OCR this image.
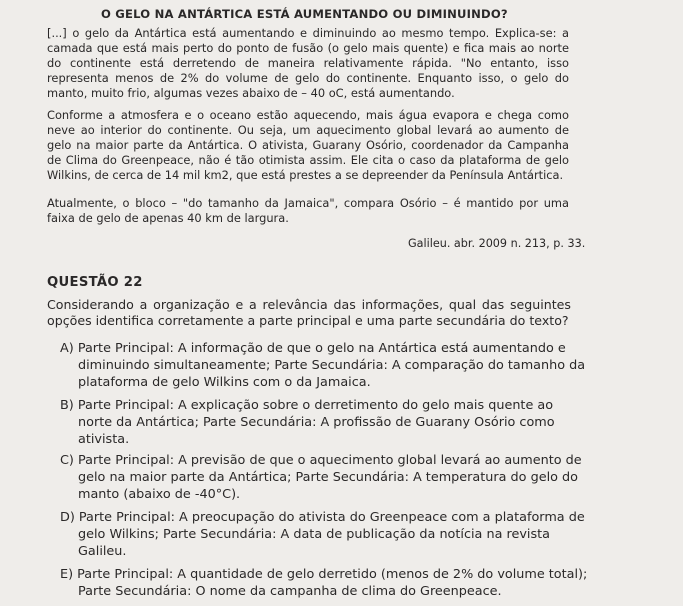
O GELO NA ANTÁRTICA ESTÁ AUMENTANDO OU DIMINUINDO?
[...] o gelo da Antártica está aumentando e diminuindo ao mesmo tempo. Explica-se: a camada que está mais perto do ponto de fusão (o gelo mais quente) e fica mais ao norte do continente está derretendo de maneira relativamente rápida. "No entanto, isso representa menos de 2% do volume de gelo do continente. Enquanto isso, o gelo do manto, muito frio, algumas vezes abaixo de – 40 oC, está aumentando.
Conforme a atmosfera e o oceano estão aquecendo, mais água evapora e chega como neve ao interior do continente. Ou seja, um aquecimento global levará ao aumento de gelo na maior parte da Antártica. O ativista, Guarany Osório, coordenador da Campanha de Clima do Greenpeace, não é tão otimista assim. Ele cita o caso da plataforma de gelo Wilkins, de cerca de 14 mil km2, que está prestes a se depreender da Península Antártica.
Atualmente, o bloco – "do tamanho da Jamaica", compara Osório – é mantido por uma faixa de gelo de apenas 40 km de largura.
Galileu. abr. 2009 n. 213, p. 33.
QUESTÃO 22
Considerando a organização e a relevância das informações, qual das seguintes opções identifica corretamente a parte principal e uma parte secundária do texto?
A) Parte Principal: A informação de que o gelo na Antártica está aumentando e diminuindo simultaneamente; Parte Secundária: A comparação do tamanho da plataforma de gelo Wilkins com o da Jamaica.
B) Parte Principal: A explicação sobre o derretimento do gelo mais quente ao norte da Antártica; Parte Secundária: A profissão de Guarany Osório como ativista.
C) Parte Principal: A previsão de que o aquecimento global levará ao aumento de gelo na maior parte da Antártica; Parte Secundária: A temperatura do gelo do manto (abaixo de -40°C).
D) Parte Principal: A preocupação do ativista do Greenpeace com a plataforma de gelo Wilkins; Parte Secundária: A data de publicação da notícia na revista Galileu.
E) Parte Principal: A quantidade de gelo derretido (menos de 2% do volume total); Parte Secundária: O nome da campanha de clima do Greenpeace.
